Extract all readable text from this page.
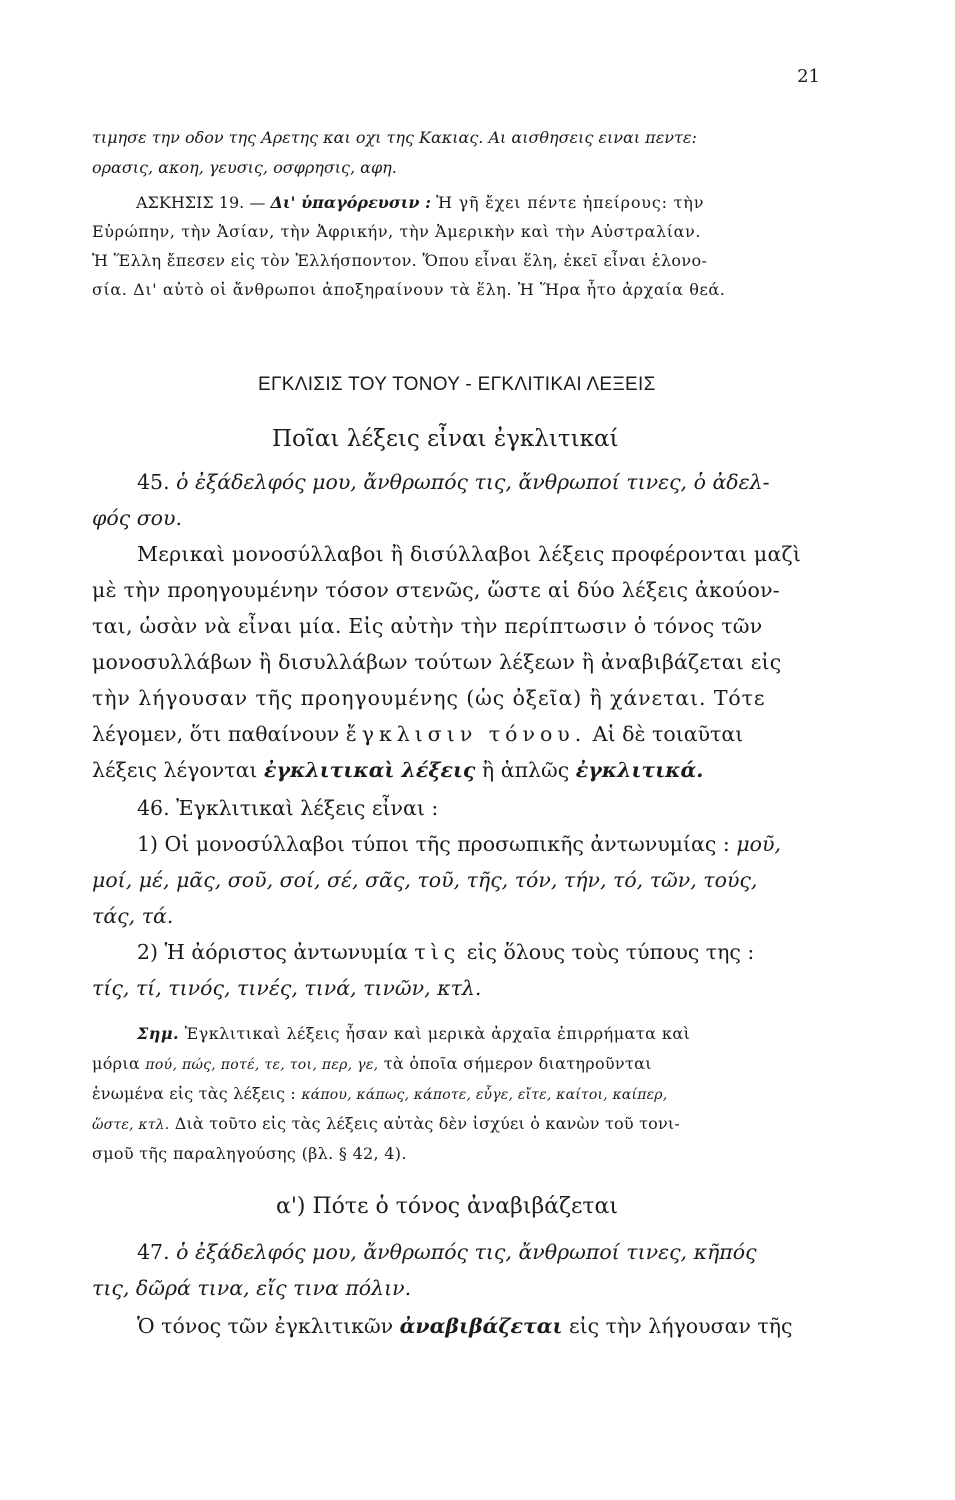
21
τιμησε την οδον της Αρετης και οχι της Κακιας. Αι αισθησεις ειναι πεντε:
ορασις, ακοη, γευσις, οσφρησις, αφη.
ΑΣΚΗΣΙΣ 19. — Δι' ὑπαγόρευσιν : Ἡ γῆ ἔχει πέντε ἠπείρους: τὴν
Εὐρώπην, τὴν Ἀσίαν, τὴν Ἀφρικήν, τὴν Ἀμερικὴν καὶ τὴν Αὐστραλίαν.
Ἡ Ἕλλη ἔπεσεν εἰς τὸν Ἑλλήσποντον. Ὅπου εἶναι ἕλη, ἐκεῖ εἶναι ἑλονο-
σία. Δι' αὐτὸ οἱ ἄνθρωποι ἀποξηραίνουν τὰ ἕλη. Ἡ Ἥρα ἦτο ἀρχαία θεά.
ΕΓΚΛΙΣΙΣ ΤΟΥ ΤΟΝΟΥ - ΕΓΚΛΙΤΙΚΑΙ ΛΕΞΕΙΣ
Ποῖαι λέξεις εἶναι ἐγκλιτικαί
45. ὁ ἐξάδελφός μου, ἄνθρωπός τις, ἄνθρωποί τινες, ὁ ἀδελ-
φός σου.
Μερικαὶ μονοσύλλαβοι ἢ δισύλλαβοι λέξεις προφέρονται μαζὶ
μὲ τὴν προηγουμένην τόσον στενῶς, ὥστε αἱ δύο λέξεις ἀκούον-
ται, ὡσὰν νὰ εἶναι μία. Εἰς αὐτὴν τὴν περίπτωσιν ὁ τόνος τῶν
μονοσυλλάβων ἢ δισυλλάβων τούτων λέξεων ἢ ἀναβιβάζεται εἰς
τὴν λήγουσαν τῆς προηγουμένης (ὡς ὀξεῖα) ἢ χάνεται. Τότε
λέγομεν, ὅτι παθαίνουν ἔγκλισιν τόνου. Αἱ δὲ τοιαῦται
λέξεις λέγονται ἐγκλιτικαὶ λέξεις ἢ ἁπλῶς ἐγκλιτικά.
46. Ἐγκλιτικαὶ λέξεις εἶναι :
1) Οἱ μονοσύλλαβοι τύποι τῆς προσωπικῆς ἀντωνυμίας : μοῦ,
μοί, μέ, μᾶς, σοῦ, σοί, σέ, σᾶς, τοῦ, τῆς, τόν, τήν, τό, τῶν, τούς,
τάς, τά.
2) Ἡ ἀόριστος ἀντωνυμία τὶς εἰς ὅλους τοὺς τύπους της :
τίς, τί, τινός, τινές, τινά, τινῶν, κτλ.
Σημ. Ἐγκλιτικαὶ λέξεις ἦσαν καὶ μερικὰ ἀρχαῖα ἐπιρρήματα καὶ
μόρια πού, πώς, ποτέ, τε, τοι, περ, γε, τὰ ὁποῖα σήμερον διατηροῦνται
ἑνωμένα εἰς τὰς λέξεις : κάπου, κάπως, κάποτε, εὖγε, εἴτε, καίτοι, καίπερ,
ὥστε, κτλ. Διὰ τοῦτο εἰς τὰς λέξεις αὐτὰς δὲν ἰσχύει ὁ κανὼν τοῦ τονι-
σμοῦ τῆς παραληγούσης (βλ. § 42, 4).
α') Πότε ὁ τόνος ἀναβιβάζεται
47. ὁ ἐξάδελφός μου, ἄνθρωπός τις, ἄνθρωποί τινες, κῆπός
τις, δῶρά τινα, εἴς τινα πόλιν.
Ὁ τόνος τῶν ἐγκλιτικῶν ἀναβιβάζεται εἰς τὴν λήγουσαν τῆς
